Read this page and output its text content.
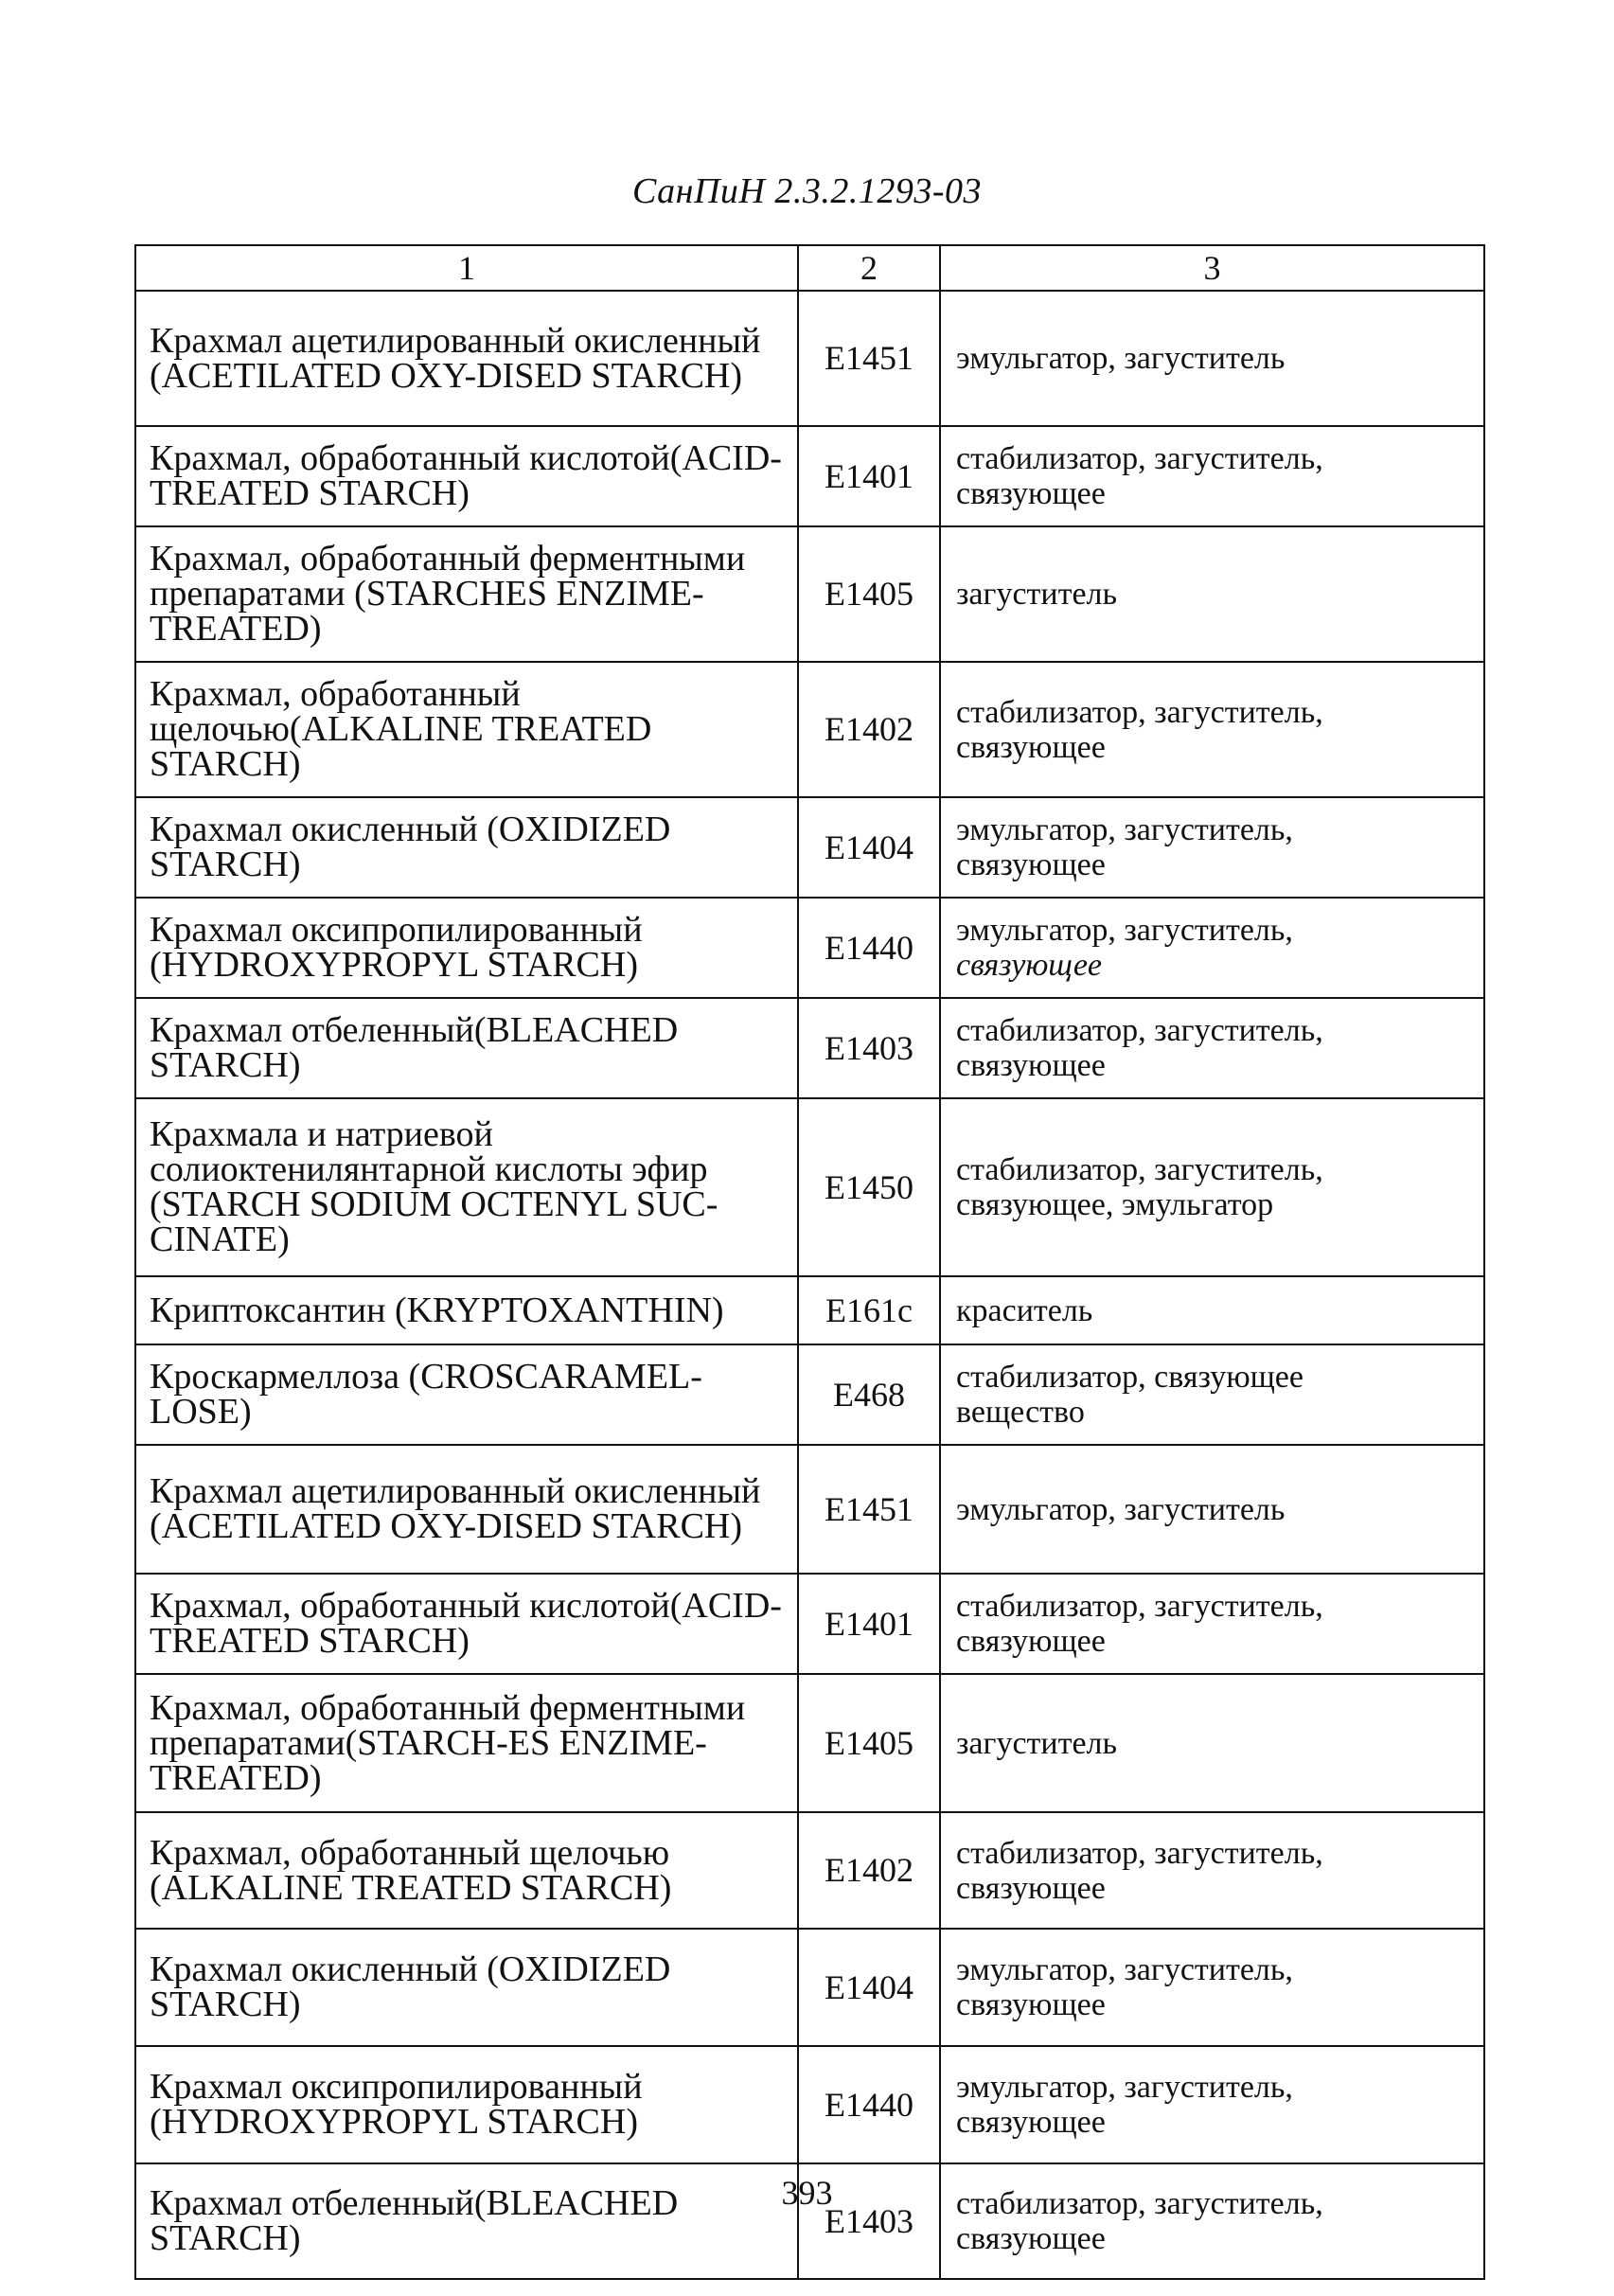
СанПиН 2.3.2.1293-03
1	2	3
Крахмал ацетилированный окисленный (ACETILATED OXY-DISED STARCH)	E1451	эмульгатор, загуститель

Крахмал, обработанный кислотой(ACID-TREATED STARCH)	E1401	стабилизатор, загуститель,
связующее

Крахмал, обработанный ферментными препаратами (STARCHES ENZIME-TREATED)	E1405	загуститель

Крахмал, обработанный щелочью(ALKALINE TREATED STARCH)	E1402	стабилизатор, загуститель,
связующее

Крахмал окисленный (OXIDIZED STARCH)	E1404	эмульгатор, загуститель,
связующее

Крахмал оксипропилированный (HYDROXYPROPYL STARCH)	E1440	эмульгатор, загуститель,
связующее

Крахмал отбеленный(BLEACHED STARCH)	E1403	стабилизатор, загуститель,
связующее

Крахмала и натриевой солиоктенилянтарной кислоты эфир (STARCH SODIUM OCTENYL SUC-CINATE)	E1450	стабилизатор, загуститель,
связующее, эмульгатор

Криптоксантин (KRYPTOXANTHIN)	E161c	краситель

Кроскармеллоза (CROSCARAMEL-LOSE)	E468	стабилизатор, связующее
вещество

Крахмал ацетилированный окисленный (ACETILATED OXY-DISED STARCH)	E1451	эмульгатор, загуститель

Крахмал, обработанный кислотой(ACID-TREATED STARCH)	E1401	стабилизатор, загуститель,
связующее

Крахмал, обработанный ферментными препаратами(STARCH-ES ENZIME-TREATED)	E1405	загуститель

Крахмал, обработанный щелочью (ALKALINE TREATED STARCH)	E1402	стабилизатор, загуститель,
связующее

Крахмал окисленный (OXIDIZED STARCH)	E1404	эмульгатор, загуститель,
связующее

Крахмал оксипропилированный (HYDROXYPROPYL STARCH)	E1440	эмульгатор, загуститель,
связующее

Крахмал отбеленный(BLEACHED STARCH)	E1403	стабилизатор, загуститель,
связующее
393
